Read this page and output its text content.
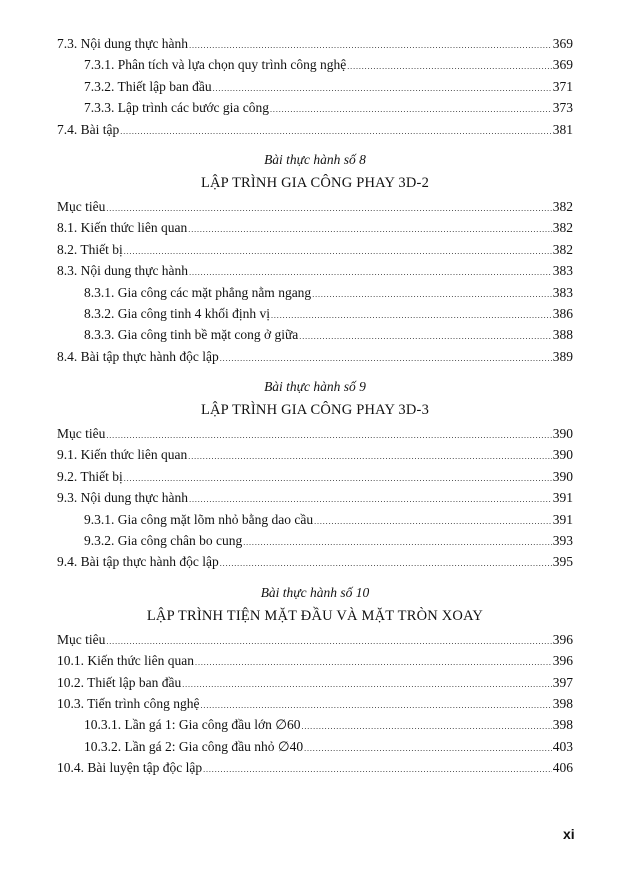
7.3. Nội dung thực hành .....	369
7.3.1. Phân tích và lựa chọn quy trình công nghệ .....	369
7.3.2. Thiết lập ban đầu .....	371
7.3.3. Lập trình các bước gia công .....	373
7.4. Bài tập .....	381
Bài thực hành số 8
LẬP TRÌNH GIA CÔNG PHAY 3D-2
Mục tiêu .....	382
8.1. Kiến thức liên quan .....	382
8.2. Thiết bị .....	382
8.3. Nội dung thực hành .....	383
8.3.1. Gia công các mặt phẳng nằm ngang .....	383
8.3.2. Gia công tinh 4 khối định vị .....	386
8.3.3. Gia công tinh bề mặt cong ở giữa .....	388
8.4. Bài tập thực hành độc lập .....	389
Bài thực hành số 9
LẬP TRÌNH GIA CÔNG PHAY 3D-3
Mục tiêu .....	390
9.1. Kiến thức liên quan .....	390
9.2. Thiết bị .....	390
9.3. Nội dung thực hành .....	391
9.3.1. Gia công mặt lõm nhỏ bằng dao cầu .....	391
9.3.2. Gia công chân bo cung .....	393
9.4. Bài tập thực hành độc lập .....	395
Bài thực hành số 10
LẬP TRÌNH TIỆN MẶT ĐẦU VÀ MẶT TRÒN XOAY
Mục tiêu .....	396
10.1. Kiến thức liên quan .....	396
10.2. Thiết lập ban đầu .....	397
10.3. Tiến trình công nghệ .....	398
10.3.1. Lần gá 1: Gia công đầu lớn ∅60 .....	398
10.3.2. Lần gá 2: Gia công đầu nhỏ ∅40 .....	403
10.4. Bài luyện tập độc lập .....	406
xi
